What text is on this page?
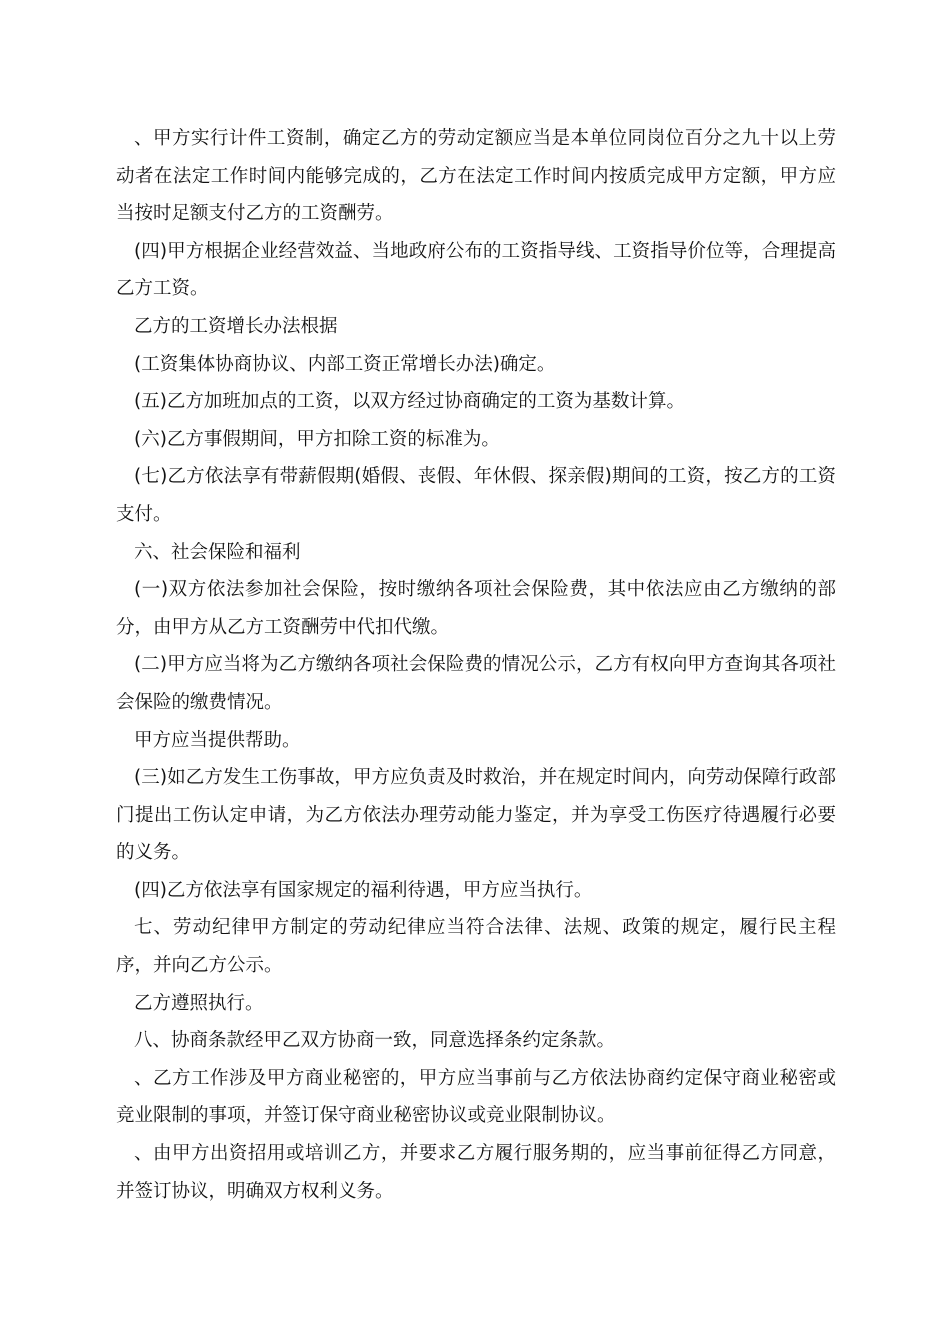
、甲方实行计件工资制，确定乙方的劳动定额应当是本单位同岗位百分之九十以上劳动者在法定工作时间内能够完成的，乙方在法定工作时间内按质完成甲方定额，甲方应当按时足额支付乙方的工资酬劳。

(四)甲方根据企业经营效益、当地政府公布的工资指导线、工资指导价位等，合理提高乙方工资。

乙方的工资增长办法根据

(工资集体协商协议、内部工资正常增长办法)确定。

(五)乙方加班加点的工资，以双方经过协商确定的工资为基数计算。

(六)乙方事假期间，甲方扣除工资的标准为。

(七)乙方依法享有带薪假期(婚假、丧假、年休假、探亲假)期间的工资，按乙方的工资支付。

六、社会保险和福利

(一)双方依法参加社会保险，按时缴纳各项社会保险费，其中依法应由乙方缴纳的部分，由甲方从乙方工资酬劳中代扣代缴。

(二)甲方应当将为乙方缴纳各项社会保险费的情况公示，乙方有权向甲方查询其各项社会保险的缴费情况。

甲方应当提供帮助。

(三)如乙方发生工伤事故，甲方应负责及时救治，并在规定时间内，向劳动保障行政部门提出工伤认定申请，为乙方依法办理劳动能力鉴定，并为享受工伤医疗待遇履行必要的义务。

(四)乙方依法享有国家规定的福利待遇，甲方应当执行。

七、劳动纪律甲方制定的劳动纪律应当符合法律、法规、政策的规定，履行民主程序，并向乙方公示。

乙方遵照执行。

八、协商条款经甲乙双方协商一致，同意选择条约定条款。

、乙方工作涉及甲方商业秘密的，甲方应当事前与乙方依法协商约定保守商业秘密或竞业限制的事项，并签订保守商业秘密协议或竞业限制协议。

、由甲方出资招用或培训乙方，并要求乙方履行服务期的，应当事前征得乙方同意，并签订协议，明确双方权利义务。
